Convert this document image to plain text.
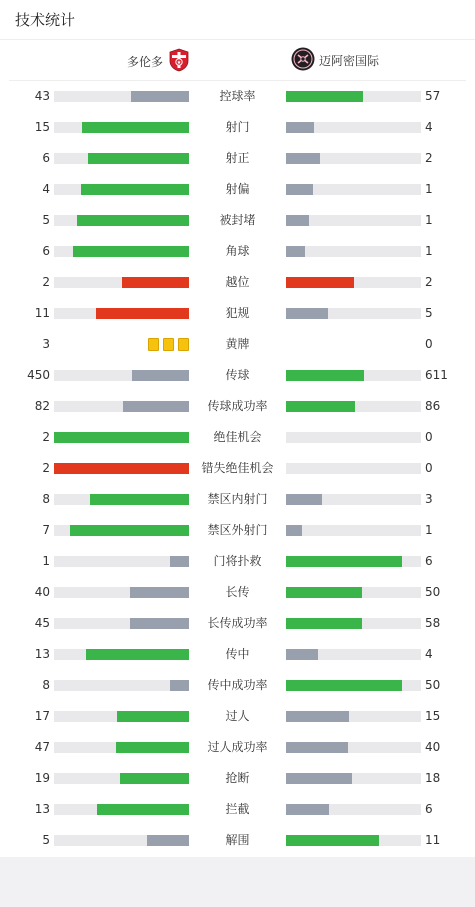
技术统计
多伦多	迈阿密国际
43	控球率	57
15	射门	4
6	射正	2
4	射偏	1
5	被封堵	1
6	角球	1
2	越位	2
11	犯规	5
3	黄牌	0
450	传球	611
82	传球成功率	86
2	绝佳机会	0
2	错失绝佳机会	0
8	禁区内射门	3
7	禁区外射门	1
1	门将扑救	6
40	长传	50
45	长传成功率	58
13	传中	4
8	传中成功率	50
17	过人	15
47	过人成功率	40
19	抢断	18
13	拦截	6
5	解围	11
